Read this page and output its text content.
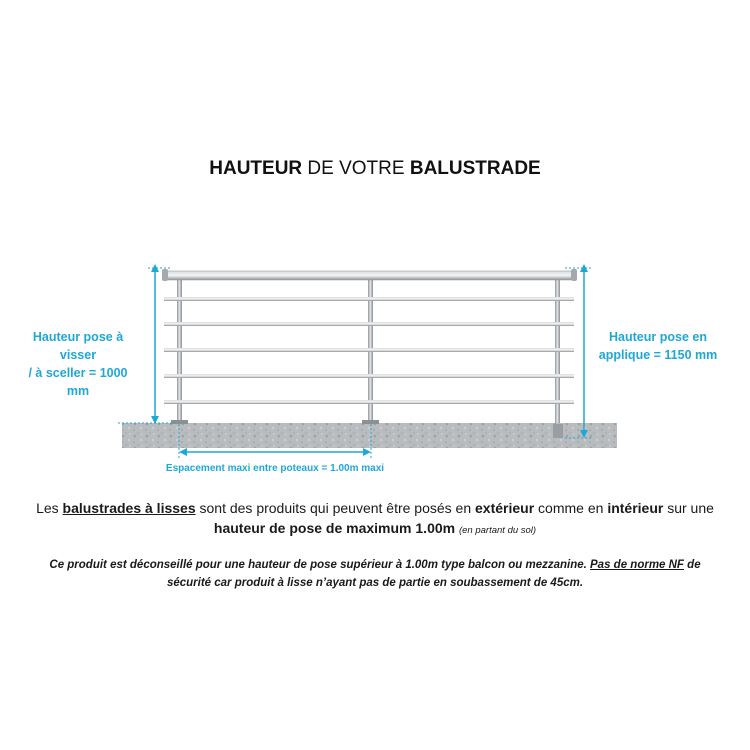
HAUTEUR DE VOTRE BALUSTRADE
Hauteur pose à visser
/ à sceller = 1000 mm
Hauteur pose en
applique = 1150 mm
Espacement maxi entre poteaux = 1.00m maxi
Les balustrades à lisses sont des produits qui peuvent être posés en extérieur comme en intérieur sur une hauteur de pose de maximum 1.00m (en partant du sol)
Ce produit est déconseillé pour une hauteur de pose supérieur à 1.00m type balcon ou mezzanine. Pas de norme NF de sécurité car produit à lisse n’ayant pas de partie en soubassement de 45cm.
